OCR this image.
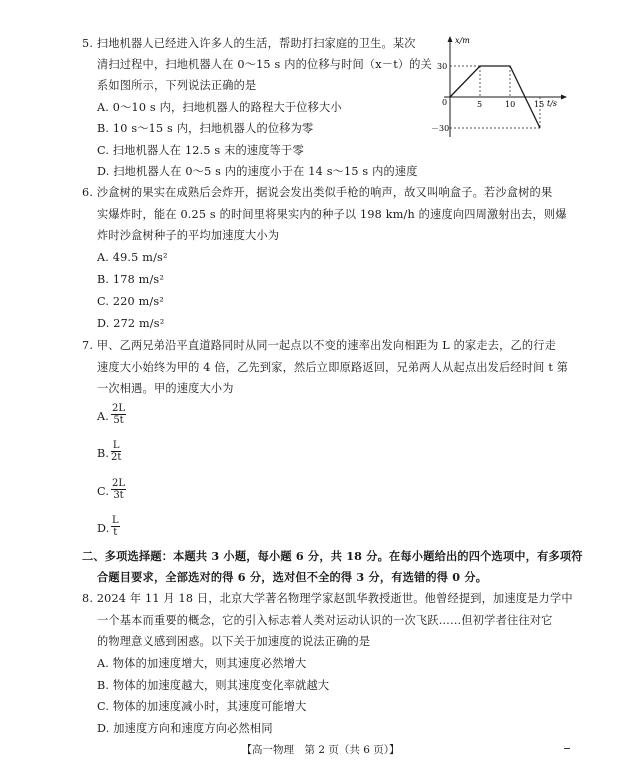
5. 扫地机器人已经进入许多人的生活，帮助打扫家庭的卫生。某次
清扫过程中，扫地机器人在 0～15 s 内的位移与时间（x－t）的关
系如图所示，下列说法正确的是
A. 0～10 s 内，扫地机器人的路程大于位移大小
B. 10 s～15 s 内，扫地机器人的位移为零
C. 扫地机器人在 12.5 s 末的速度等于零
D. 扫地机器人在 0～5 s 内的速度小于在 14 s～15 s 内的速度
x/m
t/s
0
30
－30
5	10 15
6. 沙盒树的果实在成熟后会炸开，据说会发出类似手枪的响声，故又叫响盒子。若沙盒树的果
实爆炸时，能在 0.25 s 的时间里将果实内的种子以 198 km/h 的速度向四周激射出去，则爆
炸时沙盒树种子的平均加速度大小为
A. 49.5 m/s²
B. 178 m/s²
C. 220 m/s²
D. 272 m/s²
7. 甲、乙两兄弟沿平直道路同时从同一起点以不变的速率出发向相距为 L 的家走去，乙的行走
速度大小始终为甲的 4 倍，乙先到家，然后立即原路返回，兄弟两人从起点出发后经时间 t 第
一次相遇。甲的速度大小为
A. $\frac{2L}{5t}$
B. $\frac{L}{2t}$
C. $\frac{2L}{3t}$
D. $\frac{L}{t}$
二、多项选择题：本题共 3 小题，每小题 6 分，共 18 分。在每小题给出的四个选项中，有多项符
合题目要求，全部选对的得 6 分，选对但不全的得 3 分，有选错的得 0 分。
8. 2024 年 11 月 18 日，北京大学著名物理学家赵凯华教授逝世。他曾经提到，加速度是力学中
一个基本而重要的概念，它的引入标志着人类对运动认识的一次飞跃……但初学者往往对它
的物理意义感到困惑。以下关于加速度的说法正确的是
A. 物体的加速度增大，则其速度必然增大
B. 物体的加速度越大，则其速度变化率就越大
C. 物体的加速度减小时，其速度可能增大
D. 加速度方向和速度方向必然相同
【高一物理　第 2 页（共 6 页）】
